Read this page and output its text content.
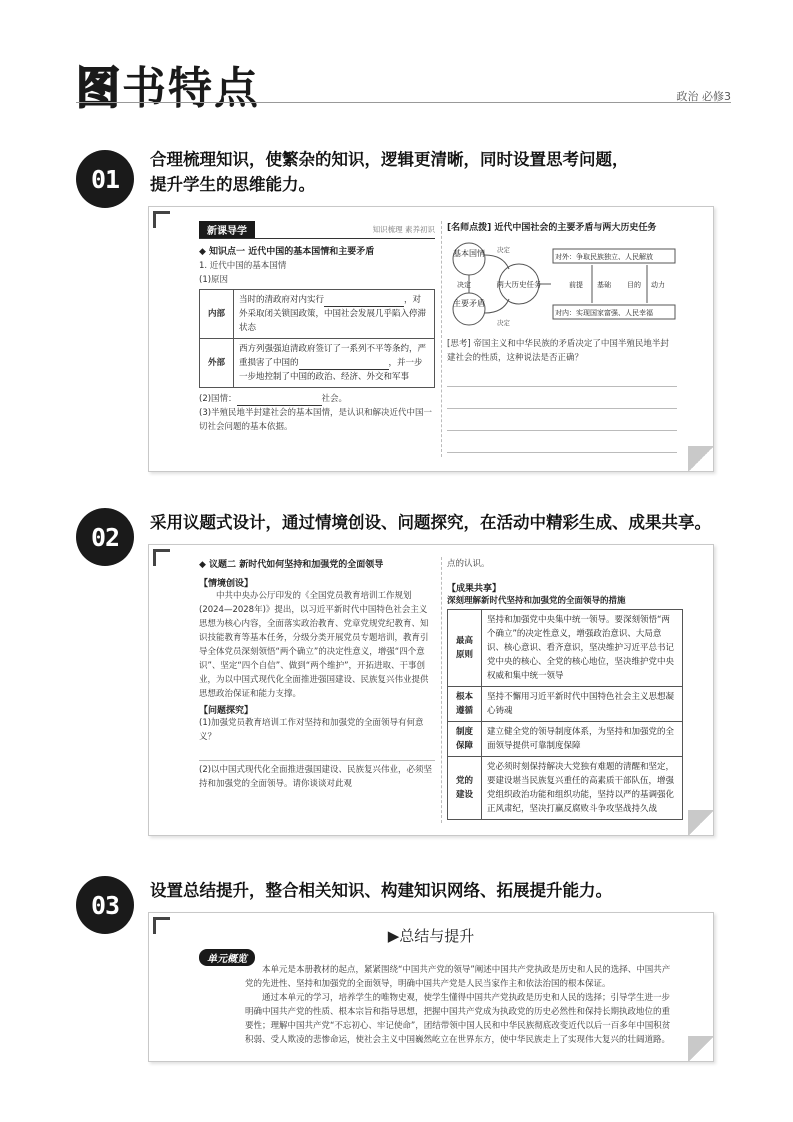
图书特点	政治 必修3
01
合理梳理知识，使繁杂的知识，逻辑更清晰，同时设置思考问题，
提升学生的思维能力。
新课导学	知识梳理 素养初识
◆ 知识点一 近代中国的基本国情和主要矛盾
1. 近代中国的基本国情
(1)原因
内部	当时的清政府对内实行 ，对外采取闭关锁国政策，中国社会发展几乎陷入停滞状态
外部	西方列强强迫清政府签订了一系列不平等条约，严重损害了中国的 ，并一步一步地控制了中国的政治、经济、外交和军事
(2)国情：	社会。
(3)半殖民地半封建社会的基本国情，是认识和解决近代中国一切社会问题的基本依据。
[名师点拨] 近代中国社会的主要矛盾与两大历史任务
基本国情
主要矛盾
两大历史任务
决定
决定
决定
对外：争取民族独立、人民解放
对内：实现国家富强、人民幸福
前提 基础 目的 动力
[思考] 帝国主义和中华民族的矛盾决定了中国半殖民地半封建社会的性质，这种说法是否正确？
02	采用议题式设计，通过情境创设、问题探究，在活动中精彩生成、成果共享。
◆ 议题二 新时代如何坚持和加强党的全面领导
【情境创设】
中共中央办公厅印发的《全国党员教育培训工作规划(2024—2028年)》提出，以习近平新时代中国特色社会主义思想为核心内容，全面落实政治教育、党章党规党纪教育、知识技能教育等基本任务，分级分类开展党员专题培训，教育引导全体党员深刻领悟“两个确立”的决定性意义，增强“四个意识”、坚定“四个自信”、做到“两个维护”，开拓进取、干事创业，为以中国式现代化全面推进强国建设、民族复兴伟业提供思想政治保证和能力支撑。
【问题探究】
(1)加强党员教育培训工作对坚持和加强党的全面领导有何意义？
(2)以中国式现代化全面推进强国建设、民族复兴伟业，必须坚持和加强党的全面领导。请你谈谈对此观
点的认识。
【成果共享】
深刻理解新时代坚持和加强党的全面领导的措施
最高原则	坚持和加强党中央集中统一领导。要深刻领悟“两个确立”的决定性意义，增强政治意识、大局意识、核心意识、看齐意识，坚决维护习近平总书记党中央的核心、全党的核心地位，坚决维护党中央权威和集中统一领导
根本遵循	坚持不懈用习近平新时代中国特色社会主义思想凝心铸魂
制度保障	建立健全党的领导制度体系，为坚持和加强党的全面领导提供可靠制度保障
党的建设	党必须时刻保持解决大党独有难题的清醒和坚定，要建设堪当民族复兴重任的高素质干部队伍，增强党组织政治功能和组织功能，坚持以严的基调强化正风肃纪，坚决打赢反腐败斗争攻坚战持久战
03	设置总结提升，整合相关知识、构建知识网络、拓展提升能力。
▶总结与提升
单元概览
本单元是本册教材的起点，紧紧围绕“中国共产党的领导”阐述中国共产党执政是历史和人民的选择、中国共产党的先进性、坚持和加强党的全面领导，明确中国共产党是人民当家作主和依法治国的根本保证。
通过本单元的学习，培养学生的唯物史观，使学生懂得中国共产党执政是历史和人民的选择；引导学生进一步明确中国共产党的性质、根本宗旨和指导思想，把握中国共产党成为执政党的历史必然性和保持长期执政地位的重要性；理解中国共产党“不忘初心、牢记使命”，团结带领中国人民和中华民族彻底改变近代以后一百多年中国积贫积弱、受人欺凌的悲惨命运，使社会主义中国巍然屹立在世界东方，使中华民族走上了实现伟大复兴的壮阔道路。
